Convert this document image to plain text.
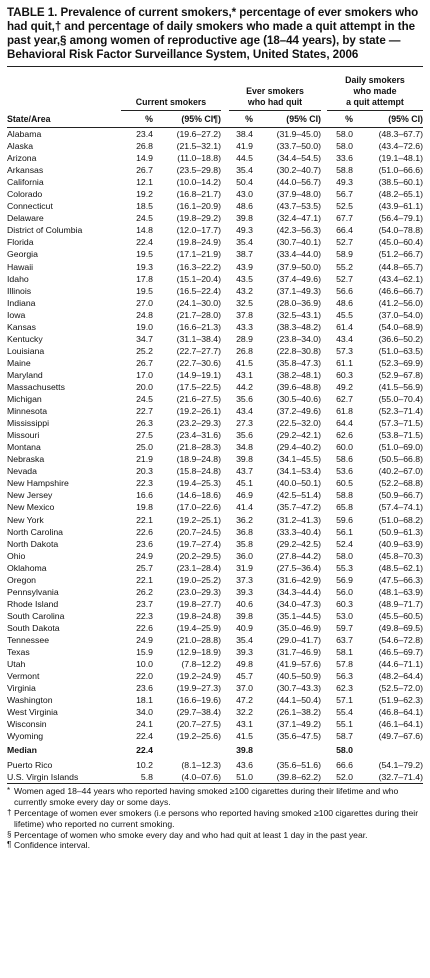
TABLE 1. Prevalence of current smokers,* percentage of ever smokers who had quit,† and percentage of daily smokers who made a quit attempt in the past year,§ among women of reproductive age (18–44 years), by state — Behavioral Risk Factor Surveillance System, United States, 2006
Current smokers
Ever smokers
who had quit
Daily smokers
who made
a quit attempt
State/Area	%	(95% CI¶)	%	(95% CI)	%	(95% CI)
Alabama	23.4	(19.6–27.2)	38.4	(31.9–45.0)	58.0	(48.3–67.7)
Alaska	26.8	(21.5–32.1)	41.9	(33.7–50.0)	58.0	(43.4–72.6)
Arizona	14.9	(11.0–18.8)	44.5	(34.4–54.5)	33.6	(19.1–48.1)
Arkansas	26.7	(23.5–29.8)	35.4	(30.2–40.7)	58.8	(51.0–66.6)
California	12.1	(10.0–14.2)	50.4	(44.0–56.7)	49.3	(38.5–60.1)
Colorado	19.2	(16.8–21.7)	43.0	(37.9–48.0)	56.7	(48.2–65.1)
Connecticut	18.5	(16.1–20.9)	48.6	(43.7–53.5)	52.5	(43.9–61.1)
Delaware	24.5	(19.8–29.2)	39.8	(32.4–47.1)	67.7	(56.4–79.1)
District of Columbia	14.8	(12.0–17.7)	49.3	(42.3–56.3)	66.4	(54.0–78.8)
Florida	22.4	(19.8–24.9)	35.4	(30.7–40.1)	52.7	(45.0–60.4)
Georgia	19.5	(17.1–21.9)	38.7	(33.4–44.0)	58.9	(51.2–66.7)
Hawaii	19.3	(16.3–22.2)	43.9	(37.9–50.0)	55.2	(44.8–65.7)
Idaho	17.8	(15.1–20.4)	43.5	(37.4–49.6)	52.7	(43.4–62.1)
Illinois	19.5	(16.5–22.4)	43.2	(37.1–49.3)	56.6	(46.6–66.7)
Indiana	27.0	(24.1–30.0)	32.5	(28.0–36.9)	48.6	(41.2–56.0)
Iowa	24.8	(21.7–28.0)	37.8	(32.5–43.1)	45.5	(37.0–54.0)
Kansas	19.0	(16.6–21.3)	43.3	(38.3–48.2)	61.4	(54.0–68.9)
Kentucky	34.7	(31.1–38.4)	28.9	(23.8–34.0)	43.4	(36.6–50.2)
Louisiana	25.2	(22.7–27.7)	26.8	(22.8–30.8)	57.3	(51.0–63.5)
Maine	26.7	(22.7–30.6)	41.5	(35.8–47.3)	61.1	(52.3–69.9)
Maryland	17.0	(14.9–19.1)	43.1	(38.2–48.1)	60.3	(52.9–67.8)
Massachusetts	20.0	(17.5–22.5)	44.2	(39.6–48.8)	49.2	(41.5–56.9)
Michigan	24.5	(21.6–27.5)	35.6	(30.5–40.6)	62.7	(55.0–70.4)
Minnesota	22.7	(19.2–26.1)	43.4	(37.2–49.6)	61.8	(52.3–71.4)
Mississippi	26.3	(23.2–29.3)	27.3	(22.5–32.0)	64.4	(57.3–71.5)
Missouri	27.5	(23.4–31.6)	35.6	(29.2–42.1)	62.6	(53.8–71.5)
Montana	25.0	(21.8–28.3)	34.8	(29.4–40.2)	60.0	(51.0–69.0)
Nebraska	21.9	(18.9–24.8)	39.8	(34.1–45.5)	58.6	(50.5–66.8)
Nevada	20.3	(15.8–24.8)	43.7	(34.1–53.4)	53.6	(40.2–67.0)
New Hampshire	22.3	(19.4–25.3)	45.1	(40.0–50.1)	60.5	(52.2–68.8)
New Jersey	16.6	(14.6–18.6)	46.9	(42.5–51.4)	58.8	(50.9–66.7)
New Mexico	19.8	(17.0–22.6)	41.4	(35.7–47.2)	65.8	(57.4–74.1)
New York	22.1	(19.2–25.1)	36.2	(31.2–41.3)	59.6	(51.0–68.2)
North Carolina	22.6	(20.7–24.5)	36.8	(33.3–40.4)	56.1	(50.9–61.3)
North Dakota	23.6	(19.7–27.4)	35.8	(29.2–42.5)	52.4	(40.9–63.9)
Ohio	24.9	(20.2–29.5)	36.0	(27.8–44.2)	58.0	(45.8–70.3)
Oklahoma	25.7	(23.1–28.4)	31.9	(27.5–36.4)	55.3	(48.5–62.1)
Oregon	22.1	(19.0–25.2)	37.3	(31.6–42.9)	56.9	(47.5–66.3)
Pennsylvania	26.2	(23.0–29.3)	39.3	(34.3–44.4)	56.0	(48.1–63.9)
Rhode Island	23.7	(19.8–27.7)	40.6	(34.0–47.3)	60.3	(48.9–71.7)
South Carolina	22.3	(19.8–24.8)	39.8	(35.1–44.5)	53.0	(45.5–60.5)
South Dakota	22.6	(19.4–25.9)	40.9	(35.0–46.9)	59.7	(49.8–69.5)
Tennessee	24.9	(21.0–28.8)	35.4	(29.0–41.7)	63.7	(54.6–72.8)
Texas	15.9	(12.9–18.9)	39.3	(31.7–46.9)	58.1	(46.5–69.7)
Utah	10.0	(7.8–12.2)	49.8	(41.9–57.6)	57.8	(44.6–71.1)
Vermont	22.0	(19.2–24.9)	45.7	(40.5–50.9)	56.3	(48.2–64.4)
Virginia	23.6	(19.9–27.3)	37.0	(30.7–43.3)	62.3	(52.5–72.0)
Washington	18.1	(16.6–19.6)	47.2	(44.1–50.4)	57.1	(51.9–62.3)
West Virginia	34.0	(29.7–38.4)	32.2	(26.1–38.2)	55.4	(46.8–64.1)
Wisconsin	24.1	(20.7–27.5)	43.1	(37.1–49.2)	55.1	(46.1–64.1)
Wyoming	22.4	(19.2–25.6)	41.5	(35.6–47.5)	58.7	(49.7–67.6)
Median	22.4		39.8		58.0	
Puerto Rico	10.2	(8.1–12.3)	43.6	(35.6–51.6)	66.6	(54.1–79.2)
U.S. Virgin Islands	5.8	(4.0–07.6)	51.0	(39.8–62.2)	52.0	(32.7–71.4)
* Women aged 18–44 years who reported having smoked ≥100 cigarettes during their lifetime and who currently smoke every day or some days.
† Percentage of women ever smokers (i.e persons who reported having smoked ≥100 cigarettes during their lifetime) who reported no current smoking.
§ Percentage of women who smoke every day and who had quit at least 1 day in the past year.
¶ Confidence interval.
